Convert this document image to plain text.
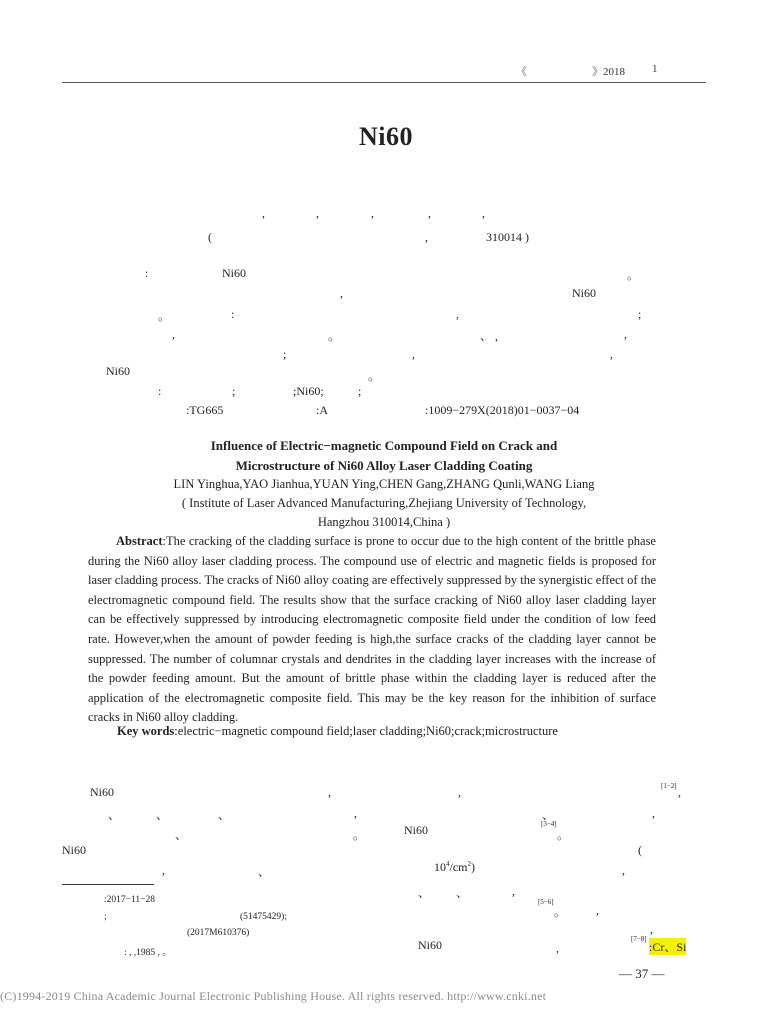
《	》2018 1
Ni60
,	,	,	,	,
(	,	310014 )
:	Ni60	。
,	Ni60
。	:	,	;
,	。	、 ,	,
;	,	,
Ni60	。
:	;	;Ni60;	;
:TG665	:A	:1009−279X(2018)01−0037−04
Influence of Electric−magnetic Compound Field on Crack and
Microstructure of Ni60 Alloy Laser Cladding Coating
LIN Yinghua,YAO Jianhua,YUAN Ying,CHEN Gang,ZHANG Qunli,WANG Liang
( Institute of Laser Advanced Manufacturing,Zhejiang University of Technology,
Hangzhou 310014,China )
Abstract:The cracking of the cladding surface is prone to occur due to the high content of the brittle phase during the Ni60 alloy laser cladding process. The compound use of electric and magnetic fields is proposed for laser cladding process. The cracks of Ni60 alloy coating are effectively suppressed by the synergistic effect of the electromagnetic compound field. The results show that the surface cracking of Ni60 alloy laser cladding layer can be effectively suppressed by introducing electromagnetic composite field under the condition of low feed rate. However,when the amount of powder feeding is high,the surface cracks of the cladding layer cannot be suppressed. The number of columnar crystals and dendrites in the cladding layer increases with the increase of the powder feeding amount. But the amount of brittle phase within the cladding layer is reduced after the application of the electromagnetic composite field. This may be the key reason for the inhibition of surface cracks in Ni60 alloy cladding.
Key words:electric−magnetic compound field;laser cladding;Ni60;crack;microstructure
Ni60	,	,	[1−2] ,
、	、	、	,	、	,
、	。	Ni60	[3−4]
。
Ni60	(
,	、	$10^4/cm^2$)	,
、 、	,
[5−6]
。 ,
,
Ni60	,
[7−8]
:Cr、Si
:2017−11−28
;	(51475429);
(2017M610376)
: , ,1985 , 。
— 37 —
(C)1994-2019 China Academic Journal Electronic Publishing House. All rights reserved. http://www.cnki.net
